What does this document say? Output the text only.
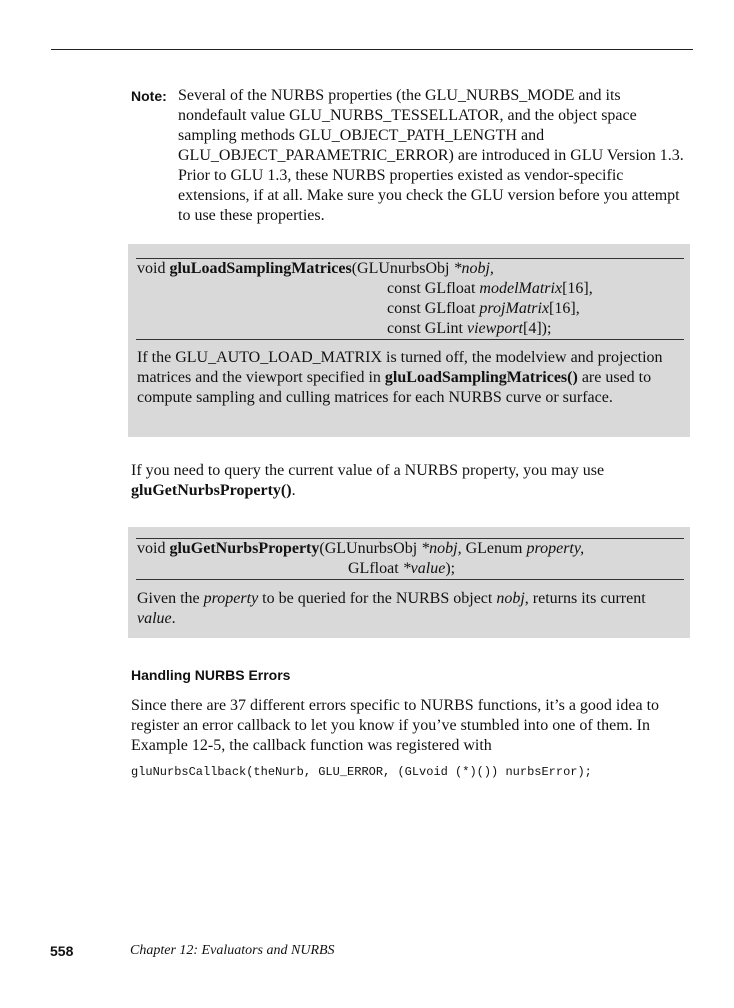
Note: Several of the NURBS properties (the GLU_NURBS_MODE and its nondefault value GLU_NURBS_TESSELLATOR, and the object space sampling methods GLU_OBJECT_PATH_LENGTH and GLU_OBJECT_PARAMETRIC_ERROR) are introduced in GLU Version 1.3. Prior to GLU 1.3, these NURBS properties existed as vendor-specific extensions, if at all. Make sure you check the GLU version before you attempt to use these properties.
void gluLoadSamplingMatrices(GLUnurbsObj *nobj,
const GLfloat modelMatrix[16],
const GLfloat projMatrix[16],
const GLint viewport[4]);
If the GLU_AUTO_LOAD_MATRIX is turned off, the modelview and projection matrices and the viewport specified in gluLoadSamplingMatrices() are used to compute sampling and culling matrices for each NURBS curve or surface.
If you need to query the current value of a NURBS property, you may use gluGetNurbsProperty().
void gluGetNurbsProperty(GLUnurbsObj *nobj, GLenum property,
GLfloat *value);
Given the property to be queried for the NURBS object nobj, returns its current value.
Handling NURBS Errors
Since there are 37 different errors specific to NURBS functions, it’s a good idea to register an error callback to let you know if you’ve stumbled into one of them. In Example 12-5, the callback function was registered with
gluNurbsCallback(theNurb, GLU_ERROR, (GLvoid (*)()) nurbsError);
558	Chapter 12: Evaluators and NURBS
